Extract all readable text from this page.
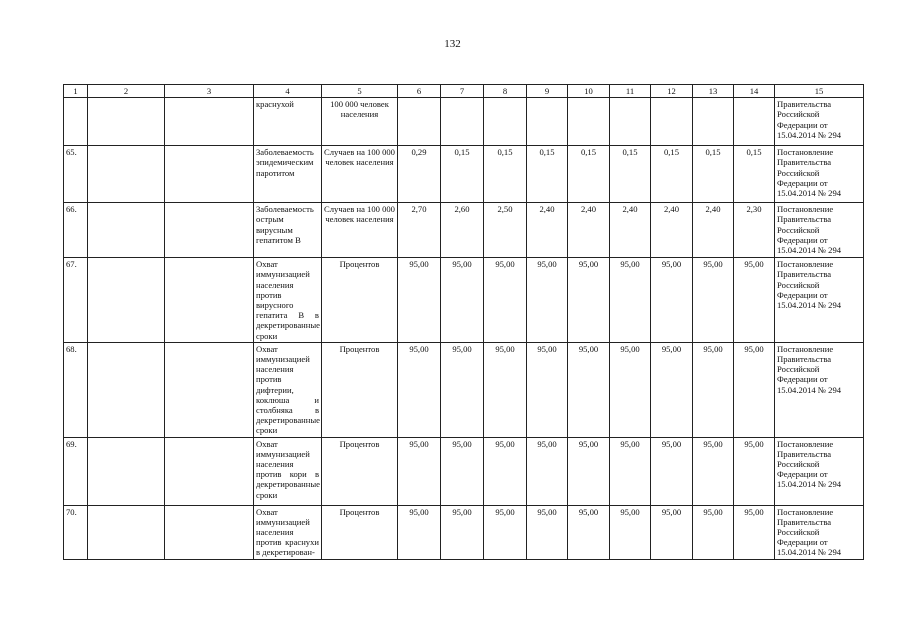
132
1	2	3	4	5	6	7	8	9	10	11	12	13	14	15
			краснухой	100 000 человек населения										Правительства Российской Федерации от 15.04.2014 № 294
65.			Заболеваемость эпидемическим паротитом	Случаев на 100 000 человек населения	0,29	0,15	0,15	0,15	0,15	0,15	0,15	0,15	0,15	Постановление Правительства Российской Федерации от 15.04.2014 № 294
66.			Заболеваемость острым вирусным гепатитом В	Случаев на 100 000 человек населения	2,70	2,60	2,50	2,40	2,40	2,40	2,40	2,40	2,30	Постановление Правительства Российской Федерации от 15.04.2014 № 294
67.			Охват иммунизацией населения против вирусного гепатита В в декретированные сроки	Процентов	95,00	95,00	95,00	95,00	95,00	95,00	95,00	95,00	95,00	Постановление Правительства Российской Федерации от 15.04.2014 № 294
68.			Охват иммунизацией населения против дифтерии, коклюша и столбняка в декретированные сроки	Процентов	95,00	95,00	95,00	95,00	95,00	95,00	95,00	95,00	95,00	Постановление Правительства Российской Федерации от 15.04.2014 № 294
69.			Охват иммунизацией населения против кори в декретированные сроки	Процентов	95,00	95,00	95,00	95,00	95,00	95,00	95,00	95,00	95,00	Постановление Правительства Российской Федерации от 15.04.2014 № 294
70.			Охват иммунизацией населения против краснухи в декретирован-	Процентов	95,00	95,00	95,00	95,00	95,00	95,00	95,00	95,00	95,00	Постановление Правительства Российской Федерации от 15.04.2014 № 294
